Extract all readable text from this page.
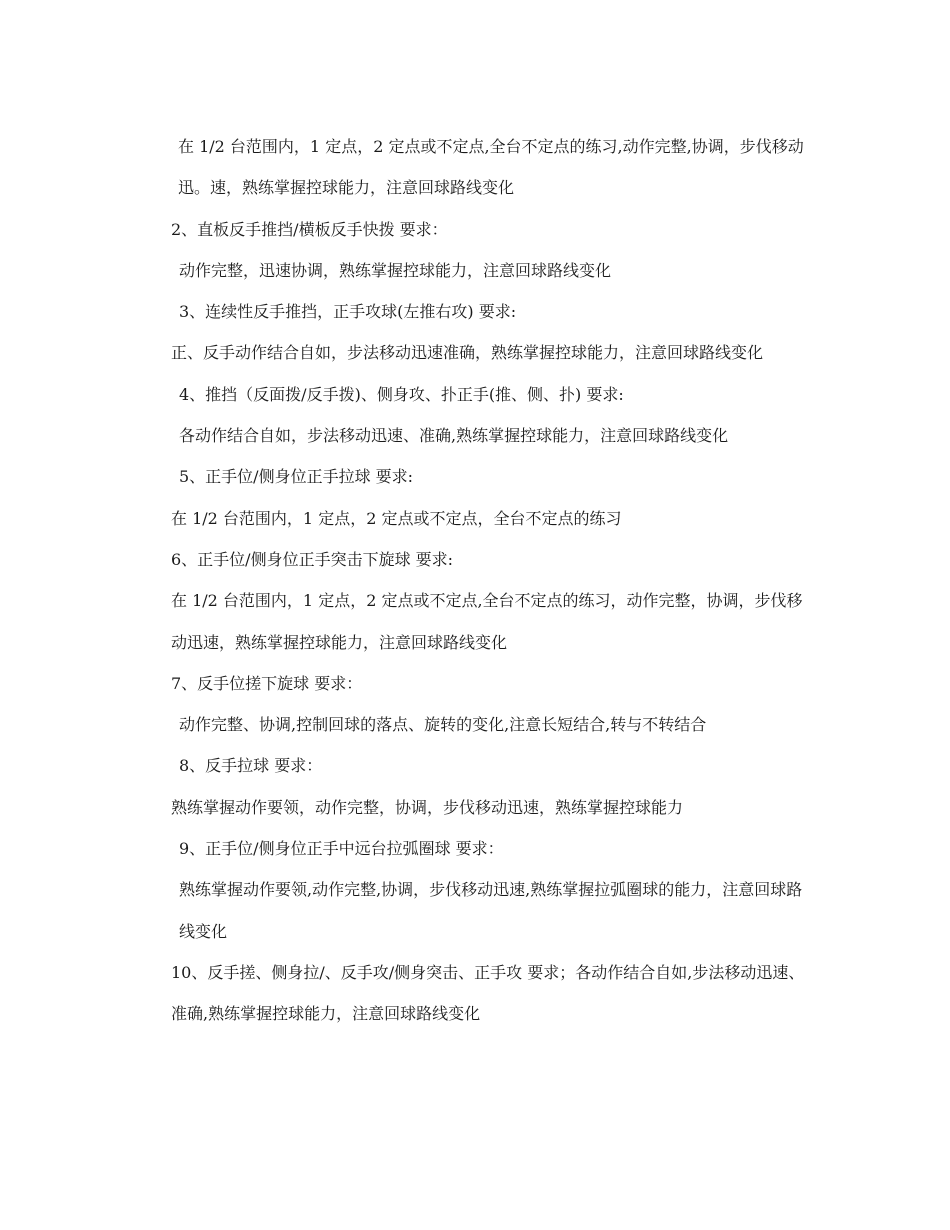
在 1/2 台范围内，1 定点，2 定点或不定点,全台不定点的练习,动作完整,协调，步伐移动迅。速，熟练掌握控球能力，注意回球路线变化

2、直板反手推挡/横板反手快拨 要求：

动作完整，迅速协调，熟练掌握控球能力，注意回球路线变化

3、连续性反手推挡，正手攻球(左推右攻) 要求:

正、反手动作结合自如，步法移动迅速准确，熟练掌握控球能力，注意回球路线变化

4、推挡（反面拨/反手拨)、侧身攻、扑正手(推、侧、扑) 要求:

各动作结合自如，步法移动迅速、准确,熟练掌握控球能力，注意回球路线变化

5、正手位/侧身位正手拉球 要求:

在 1/2 台范围内，1 定点，2 定点或不定点，全台不定点的练习

6、正手位/侧身位正手突击下旋球 要求:

在 1/2 台范围内，1 定点，2 定点或不定点,全台不定点的练习，动作完整，协调，步伐移动迅速，熟练掌握控球能力，注意回球路线变化

7、反手位搓下旋球 要求：

动作完整、协调,控制回球的落点、旋转的变化,注意长短结合,转与不转结合

8、反手拉球 要求：

熟练掌握动作要领，动作完整，协调，步伐移动迅速，熟练掌握控球能力

9、正手位/侧身位正手中远台拉弧圈球 要求：

熟练掌握动作要领,动作完整,协调，步伐移动迅速,熟练掌握拉弧圈球的能力，注意回球路线变化

10、反手搓、侧身拉/、反手攻/侧身突击、正手攻 要求；各动作结合自如,步法移动迅速、准确,熟练掌握控球能力，注意回球路线变化
